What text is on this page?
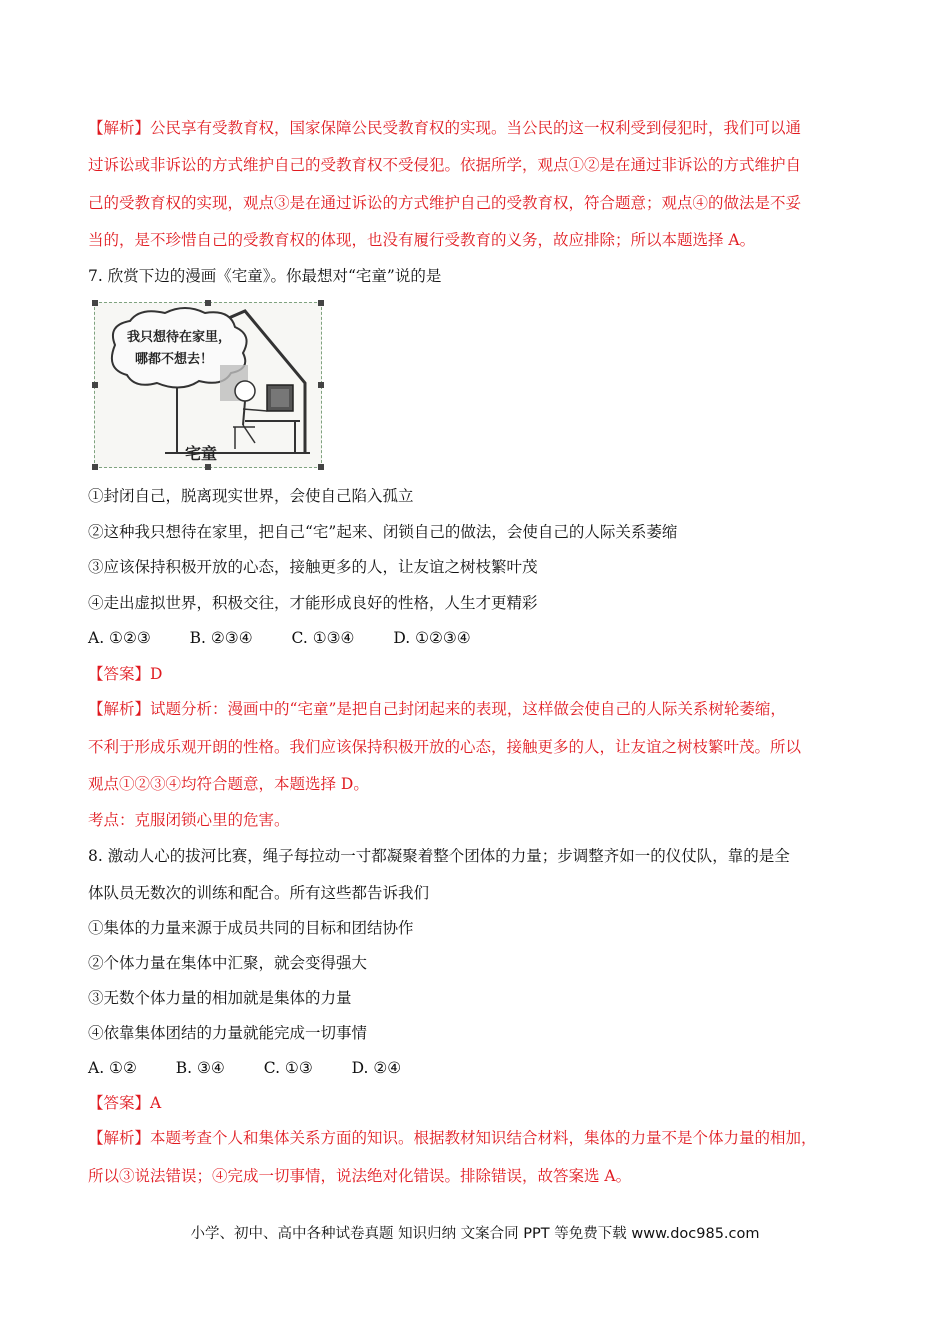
【解析】公民享有受教育权，国家保障公民受教育权的实现。当公民的这一权利受到侵犯时，我们可以通
过诉讼或非诉讼的方式维护自己的受教育权不受侵犯。依据所学，观点①②是在通过非诉讼的方式维护自
己的受教育权的实现，观点③是在通过诉讼的方式维护自己的受教育权，符合题意；观点④的做法是不妥
当的，是不珍惜自己的受教育权的体现，也没有履行受教育的义务，故应排除；所以本题选择 A。
7. 欣赏下边的漫画《宅童》。你最想对“宅童”说的是
我只想待在家里，
哪都不想去！
宅童
①封闭自己，脱离现实世界，会使自己陷入孤立
②这种我只想待在家里，把自己“宅”起来、闭锁自己的做法，会使自己的人际关系萎缩
③应该保持积极开放的心态，接触更多的人，让友谊之树枝繁叶茂
④走出虚拟世界，积极交往，才能形成良好的性格，人生才更精彩
A. ①②③	B. ②③④	C. ①③④	D. ①②③④
【答案】D
【解析】试题分析：漫画中的“宅童”是把自己封闭起来的表现，这样做会使自己的人际关系树轮萎缩，
不利于形成乐观开朗的性格。我们应该保持积极开放的心态，接触更多的人，让友谊之树枝繁叶茂。所以
观点①②③④均符合题意，本题选择 D。
考点：克服闭锁心里的危害。
8. 激动人心的拔河比赛，绳子每拉动一寸都凝聚着整个团体的力量；步调整齐如一的仪仗队，靠的是全
体队员无数次的训练和配合。所有这些都告诉我们
①集体的力量来源于成员共同的目标和团结协作
②个体力量在集体中汇聚，就会变得强大
③无数个体力量的相加就是集体的力量
④依靠集体团结的力量就能完成一切事情
A. ①②	B. ③④	C. ①③	D. ②④
【答案】A
【解析】本题考查个人和集体关系方面的知识。根据教材知识结合材料，集体的力量不是个体力量的相加，
所以③说法错误；④完成一切事情，说法绝对化错误。排除错误，故答案选 A。
小学、初中、高中各种试卷真题 知识归纳 文案合同 PPT 等免费下载 www.doc985.com
